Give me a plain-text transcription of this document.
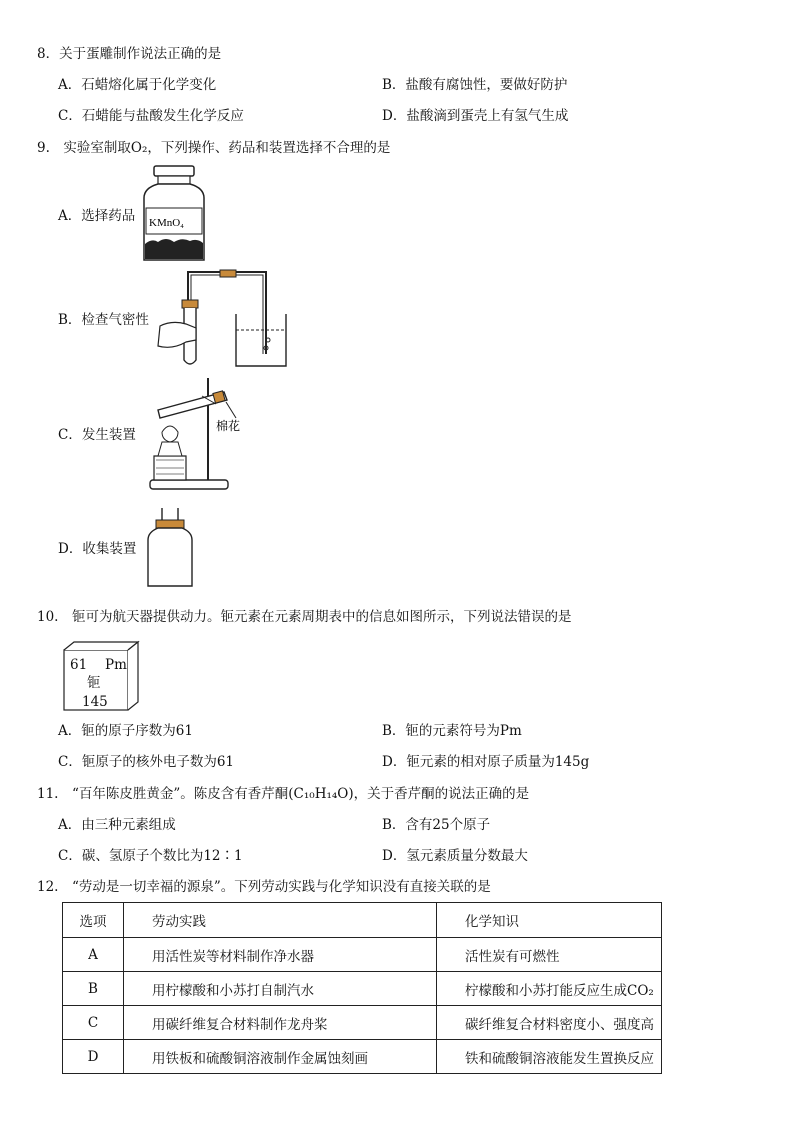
8．关于蛋雕制作说法正确的是
A．石蜡熔化属于化学变化	B．盐酸有腐蚀性，要做好防护
C．石蜡能与盐酸发生化学反应	D．盐酸滴到蛋壳上有氢气生成
9.　实验室制取O₂，下列操作、药品和装置选择不合理的是
A．选择药品 KMnO₄
B．检查气密性
C．发生装置
棉花
D．收集装置
10.　钷可为航天器提供动力。钷元素在元素周期表中的信息如图所示，下列说法错误的是
61 Pm
钷
145
A．钷的原子序数为61	B．钷的元素符号为Pm
C．钷原子的核外电子数为61	D．钷元素的相对原子质量为145g
11.　“百年陈皮胜黄金”。陈皮含有香芹酮(C₁₀H₁₄O)，关于香芹酮的说法正确的是
A．由三种元素组成	B．含有25个原子
C．碳、氢原子个数比为12∶1	D．氢元素质量分数最大
12.　“劳动是一切幸福的源泉”。下列劳动实践与化学知识没有直接关联的是
选项	劳动实践	化学知识
A	用活性炭等材料制作净水器	活性炭有可燃性
B	用柠檬酸和小苏打自制汽水	柠檬酸和小苏打能反应生成CO₂
C	用碳纤维复合材料制作龙舟桨	碳纤维复合材料密度小、强度高
D	用铁板和硫酸铜溶液制作金属蚀刻画	铁和硫酸铜溶液能发生置换反应
